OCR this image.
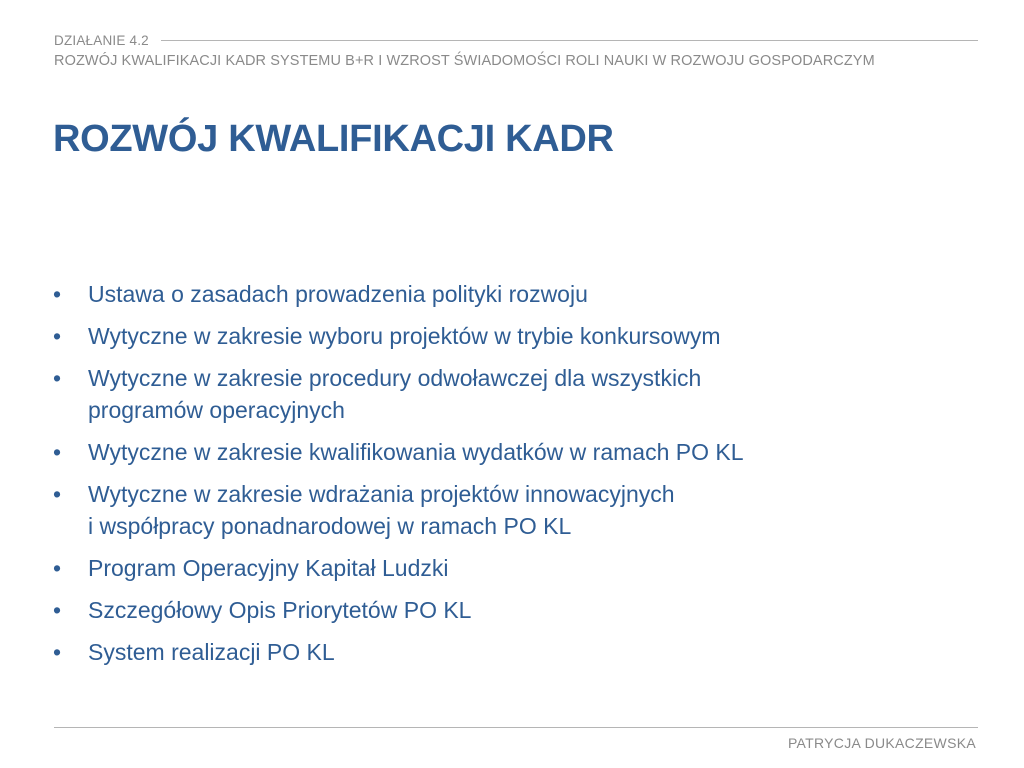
DZIAŁANIE 4.2
ROZWÓJ KWALIFIKACJI KADR SYSTEMU B+R I WZROST ŚWIADOMOŚCI ROLI NAUKI W ROZWOJU GOSPODARCZYM
ROZWÓJ KWALIFIKACJI KADR
• Ustawa o zasadach prowadzenia polityki rozwoju
• Wytyczne w zakresie wyboru projektów w trybie konkursowym
• Wytyczne w zakresie procedury odwoławczej dla wszystkich
programów operacyjnych
• Wytyczne w zakresie kwalifikowania wydatków w ramach PO KL
• Wytyczne w zakresie wdrażania projektów innowacyjnych
i współpracy ponadnarodowej w ramach PO KL
• Program Operacyjny Kapitał Ludzki
• Szczegółowy Opis Priorytetów PO KL
• System realizacji PO KL
PATRYCJA DUKACZEWSKA
